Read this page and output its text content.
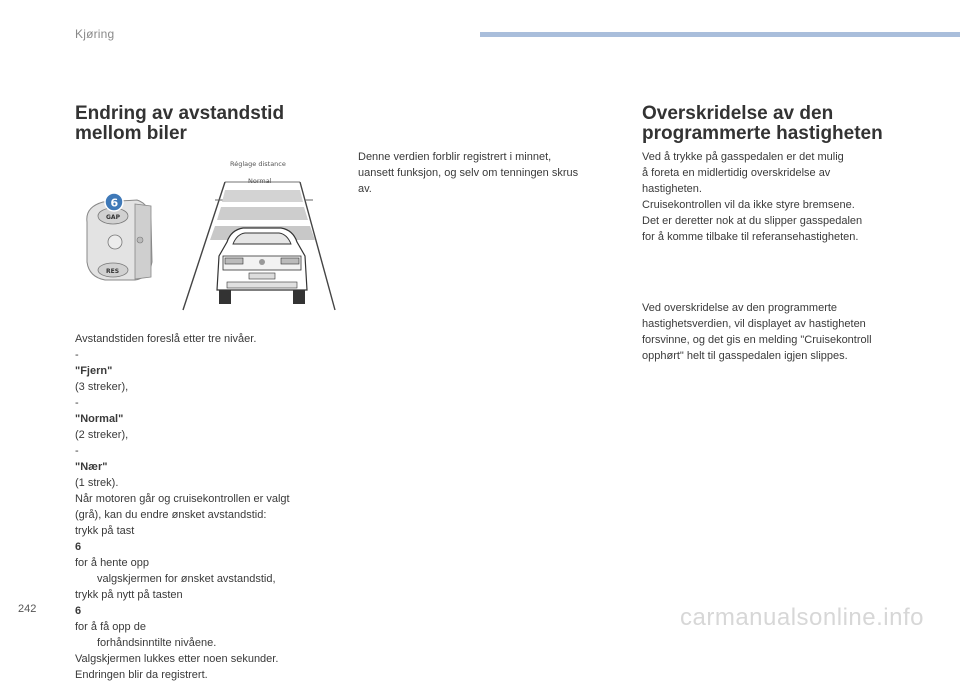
Kjøring
Endring av avstandstid
mellom biler
GAP
RES
6
Réglage distance
Normal
Avstandstiden foreslå etter tre nivåer.
-
"Fjern"
(3 streker),
-
"Normal"
(2 streker),
-
"Nær"
(1 strek).
Når motoren går og cruisekontrollen er valgt
(grå), kan du endre ønsket avstandstid:
trykk på tast
6
for å hente opp
valgskjermen for ønsket avstandstid,
trykk på nytt på tasten
6
for å få opp de
forhåndsinntilte nivåene.
Valgskjermen lukkes etter noen sekunder.
Endringen blir da registrert.
Denne verdien forblir registrert i minnet,
uansett funksjon, og selv om tenningen skrus
av.
Overskridelse av den
programmerte hastigheten
Ved å trykke på gasspedalen er det mulig
å foreta en midlertidig overskridelse av
hastigheten.
Cruisekontrollen vil da ikke styre bremsene.
Det er deretter nok at du slipper gasspedalen
for å komme tilbake til referansehastigheten.
Ved overskridelse av den programmerte
hastighetsverdien, vil displayet av hastigheten
forsvinne, og det gis en melding "Cruisekontroll
opphørt" helt til gasspedalen igjen slippes.
242	carmanualsonline.info
